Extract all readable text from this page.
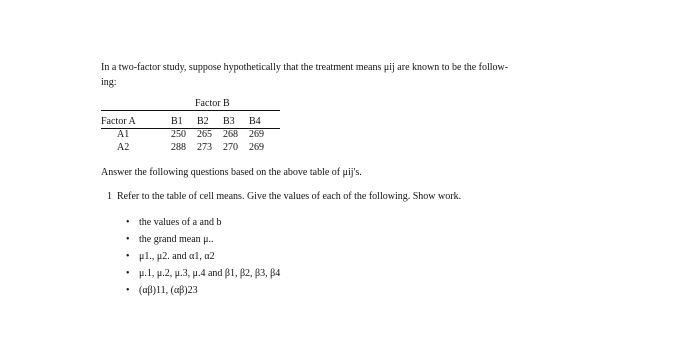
In a two-factor study, suppose hypothetically that the treatment means μij are known to be the follow-
ing:
Factor B
Factor A	B1	B2	B3	B4
A1	250	265	268	269
A2	288	273	270	269
Answer the following questions based on the above table of μij's.
1 Refer to the table of cell means. Give the values of each of the following. Show work.
• the values of a and b
• the grand mean μ..
• μ1., μ2. and α1, α2
• μ.1, μ.2, μ.3, μ.4 and β1, β2, β3, β4
• (αβ)11, (αβ)23
